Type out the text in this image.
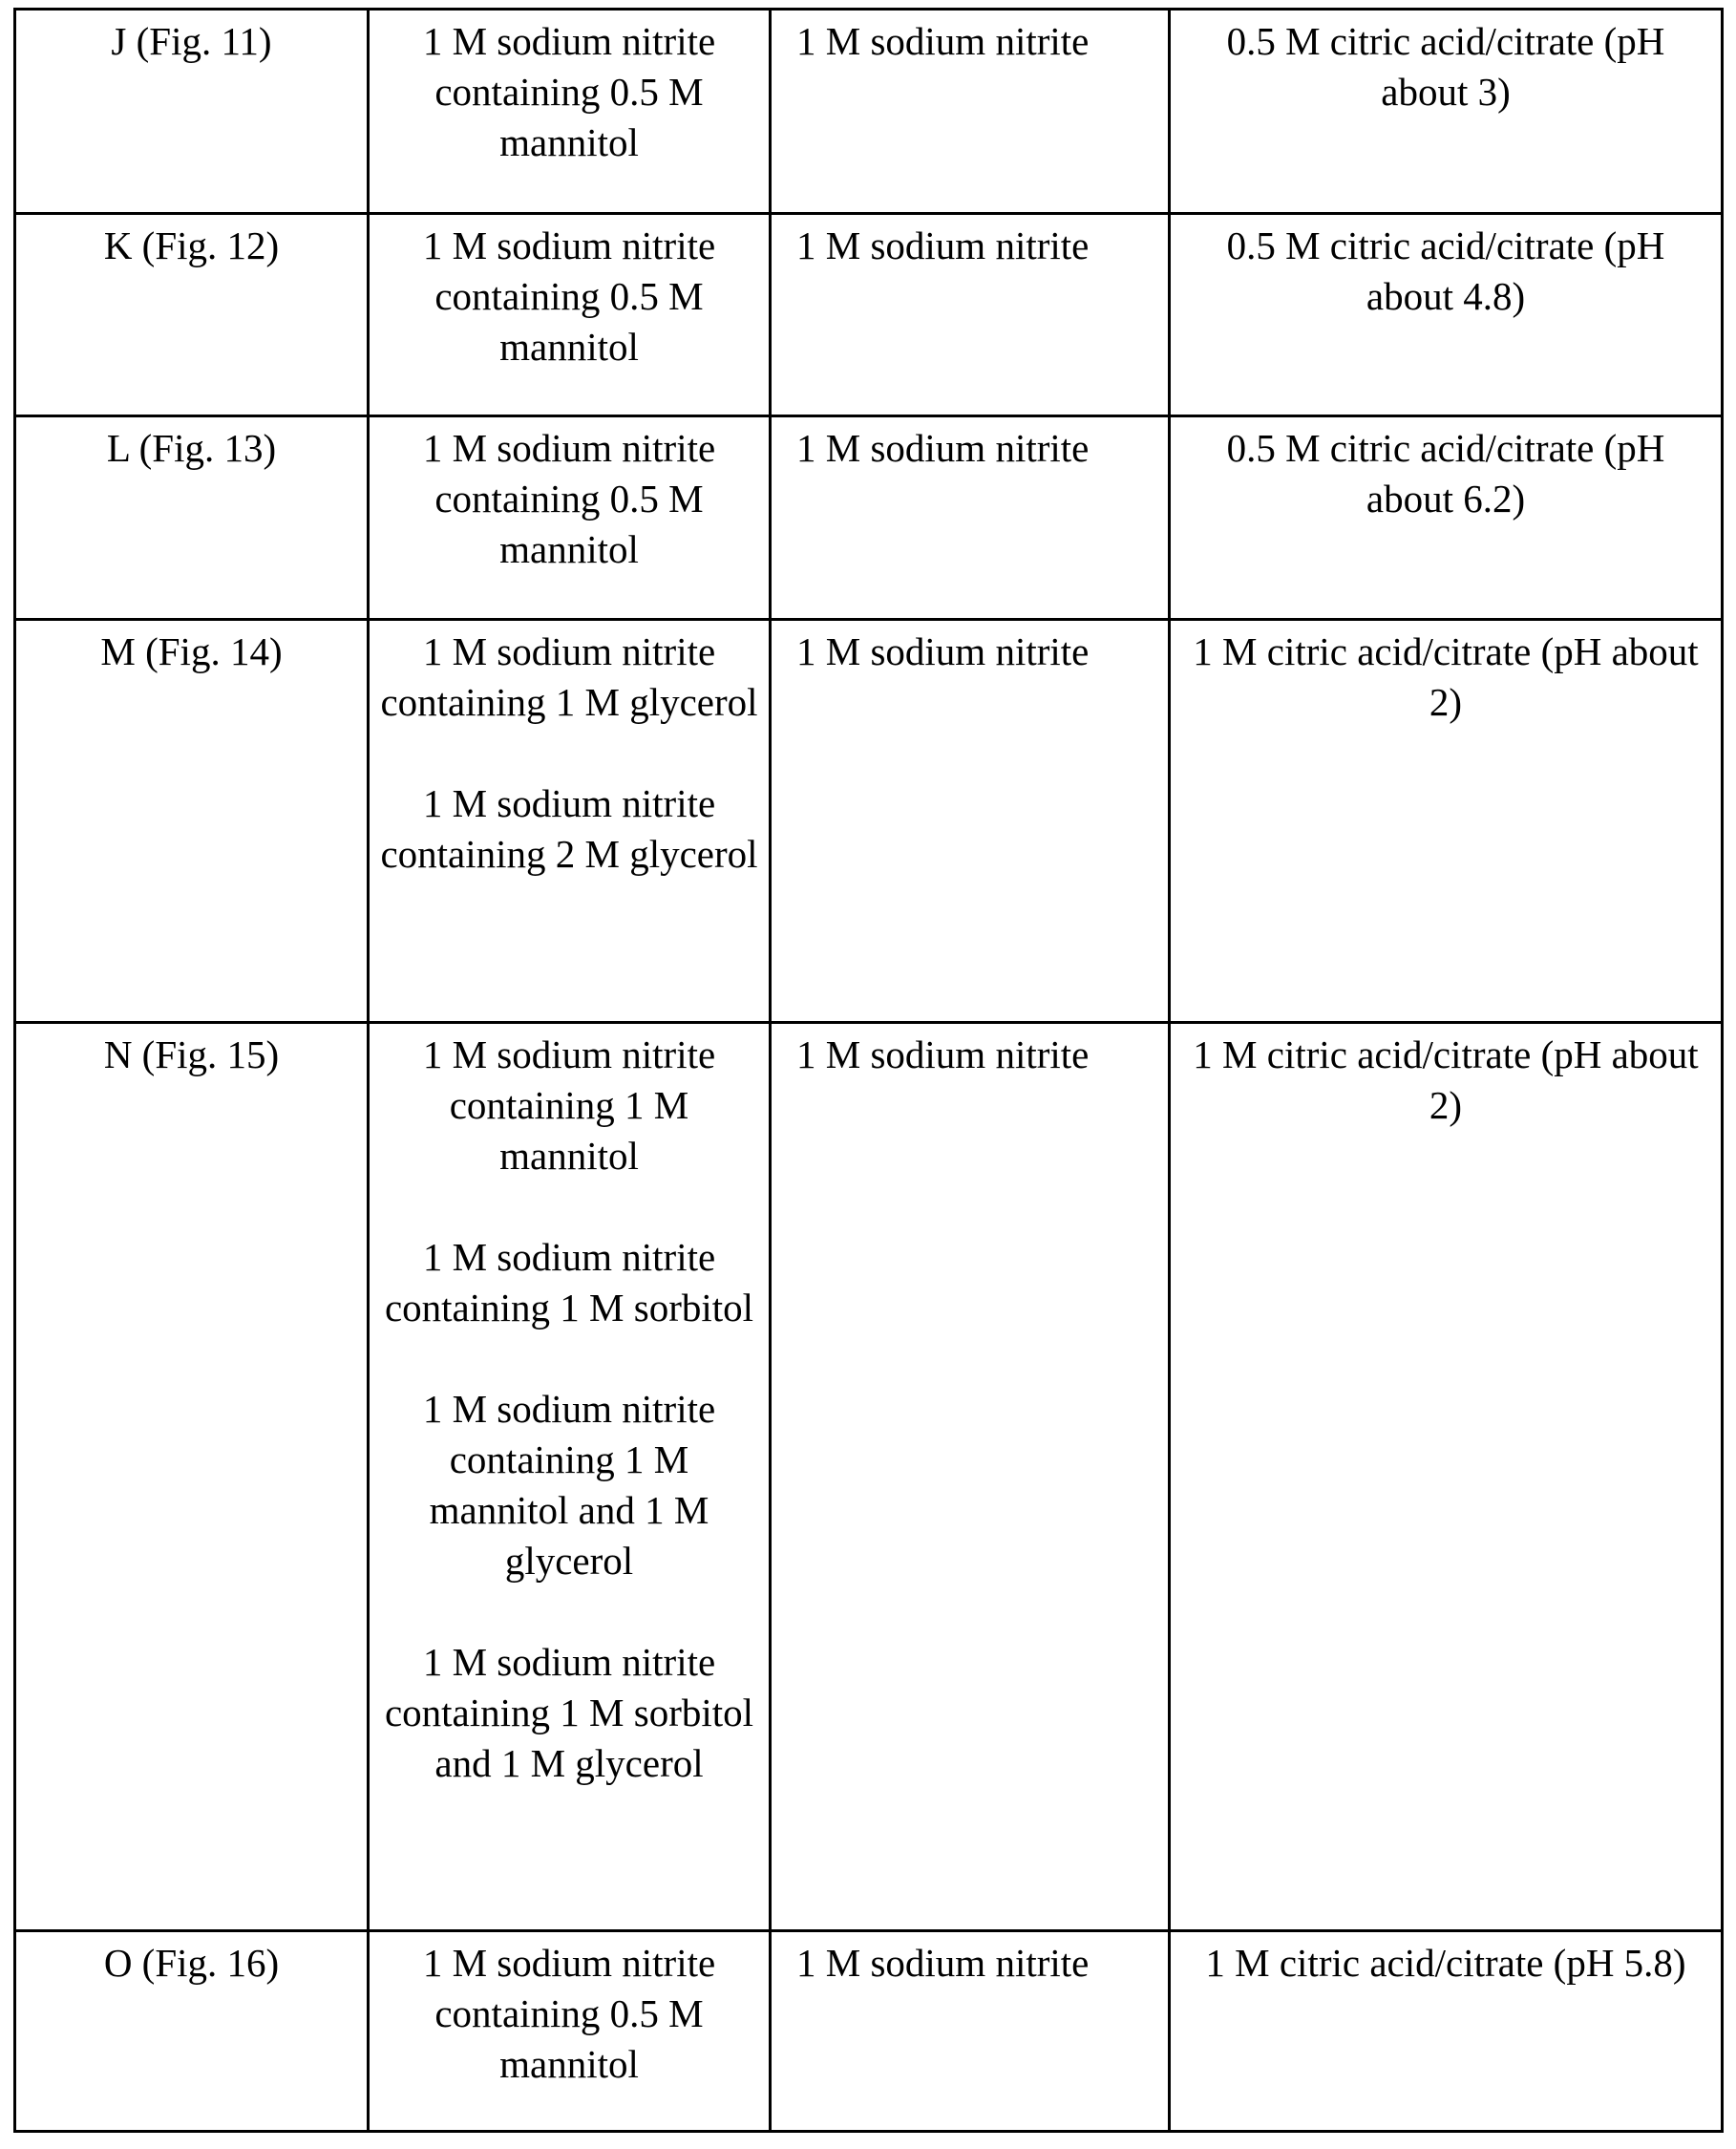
J (Fig. 11)	1 M sodium nitrite containing 0.5 M mannitol

	1 M sodium nitrite	0.5 M citric acid/citrate (pH about 3)
K (Fig. 12)	1 M sodium nitrite containing 0.5 M mannitol

	1 M sodium nitrite	0.5 M citric acid/citrate (pH about 4.8)
L (Fig. 13)	1 M sodium nitrite containing 0.5 M mannitol

	1 M sodium nitrite	0.5 M citric acid/citrate (pH about 6.2)
M (Fig. 14)	1 M sodium nitrite containing 1 M glycerol

1 M sodium nitrite containing 2 M glycerol

	1 M sodium nitrite	1 M citric acid/citrate (pH about 2)
N (Fig. 15)	1 M sodium nitrite containing 1 M mannitol

1 M sodium nitrite containing 1 M sorbitol

1 M sodium nitrite containing 1 M mannitol and 1 M glycerol

1 M sodium nitrite containing 1 M sorbitol and 1 M glycerol

	1 M sodium nitrite	1 M citric acid/citrate (pH about 2)
O (Fig. 16)	1 M sodium nitrite containing 0.5 M mannitol

	1 M sodium nitrite	1 M citric acid/citrate (pH 5.8)
